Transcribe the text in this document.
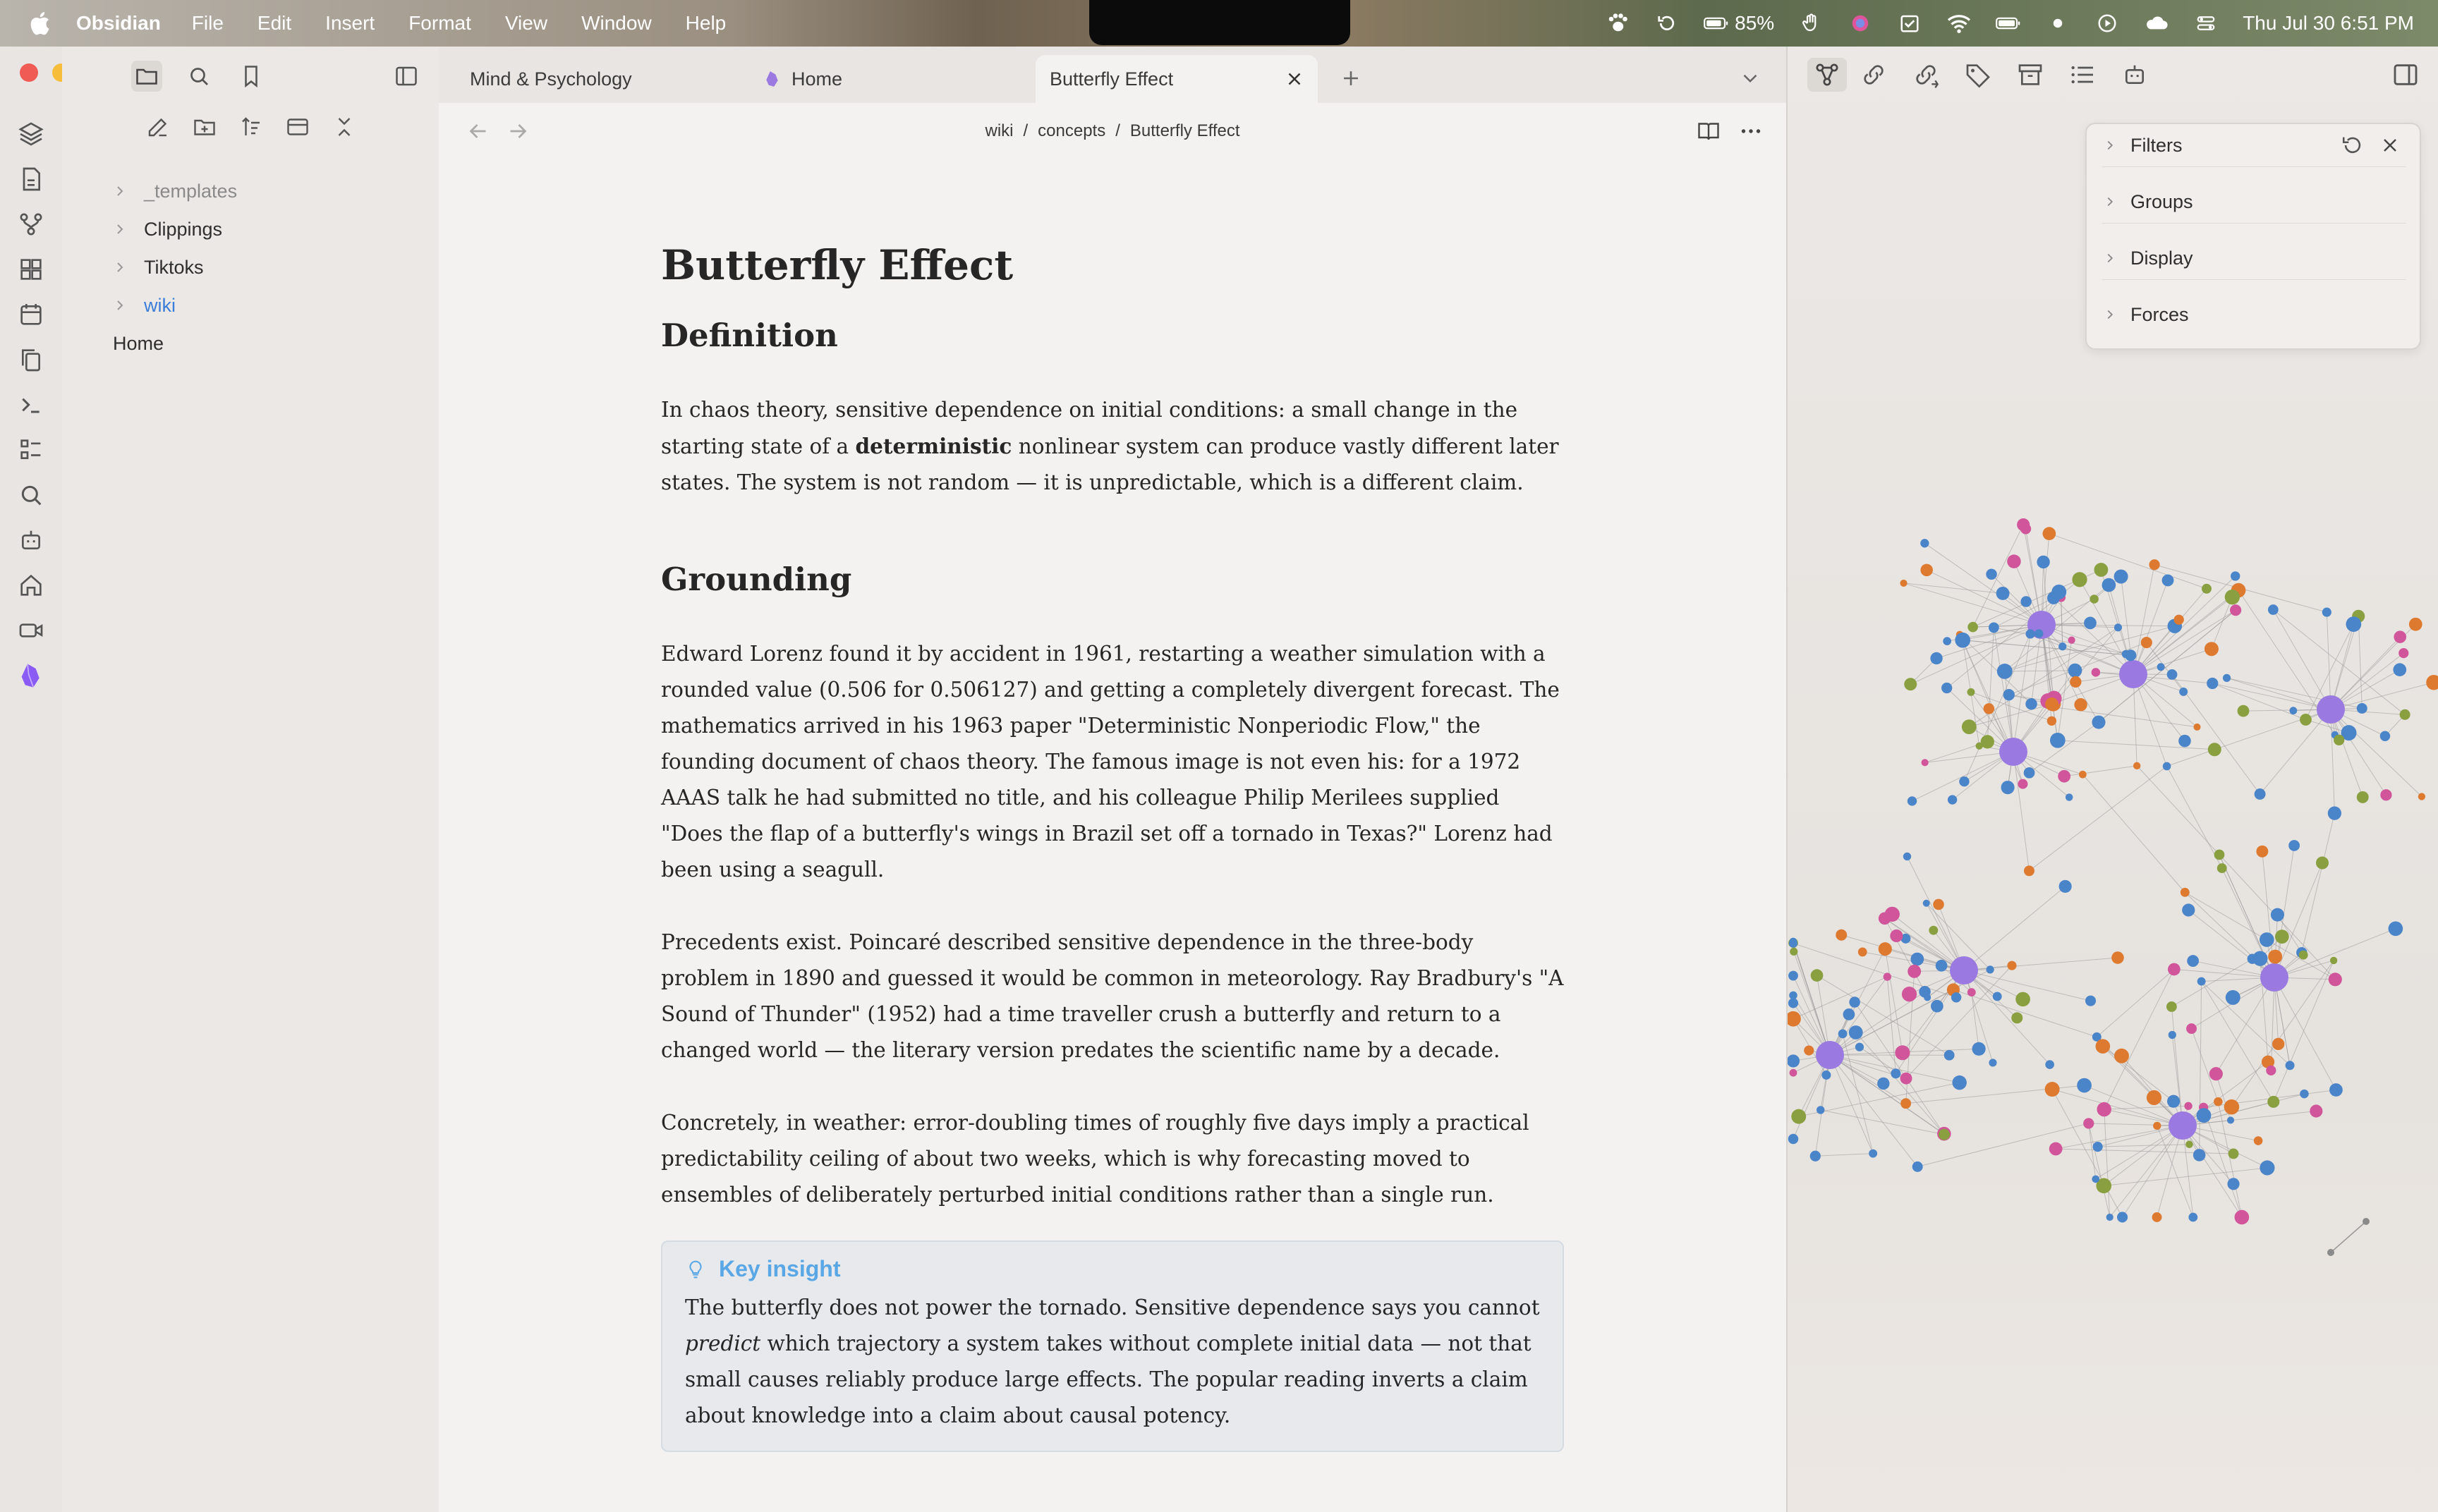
Obsidian File Edit Insert Format View Window Help	85%	Thu Jul 30 6:51 PM
_templates
Clippings
Tiktoks
wiki
Home
Mind & Psychology	Home	Butterfly Effect
wiki / concepts / Butterfly Effect
Butterfly Effect
Definition

In chaos theory, sensitive dependence on initial conditions: a small change in the starting state of a deterministic nonlinear system can produce vastly different later states. The system is not random — it is unpredictable, which is a different claim.

Grounding

Edward Lorenz found it by accident in 1961, restarting a weather simulation with a rounded value (0.506 for 0.506127) and getting a completely divergent forecast. The mathematics arrived in his 1963 paper "Deterministic Nonperiodic Flow," the founding document of chaos theory. The famous image is not even his: for a 1972 AAAS talk he had submitted no title, and his colleague Philip Merilees supplied "Does the flap of a butterfly's wings in Brazil set off a tornado in Texas?" Lorenz had been using a seagull.

Precedents exist. Poincaré described sensitive dependence in the three-body problem in 1890 and guessed it would be common in meteorology. Ray Bradbury's "A Sound of Thunder" (1952) had a time traveller crush a butterfly and return to a changed world — the literary version predates the scientific name by a decade.

Concretely, in weather: error-doubling times of roughly five days imply a practical predictability ceiling of about two weeks, which is why forecasting moved to ensembles of deliberately perturbed initial conditions rather than a single run.

Key insight
The butterfly does not power the tornado. Sensitive dependence says you cannot predict which trajectory a system takes without complete initial data — not that small causes reliably produce large effects. The popular reading inverts a claim about knowledge into a claim about causal potency.
Filters
Groups
Display
Forces
